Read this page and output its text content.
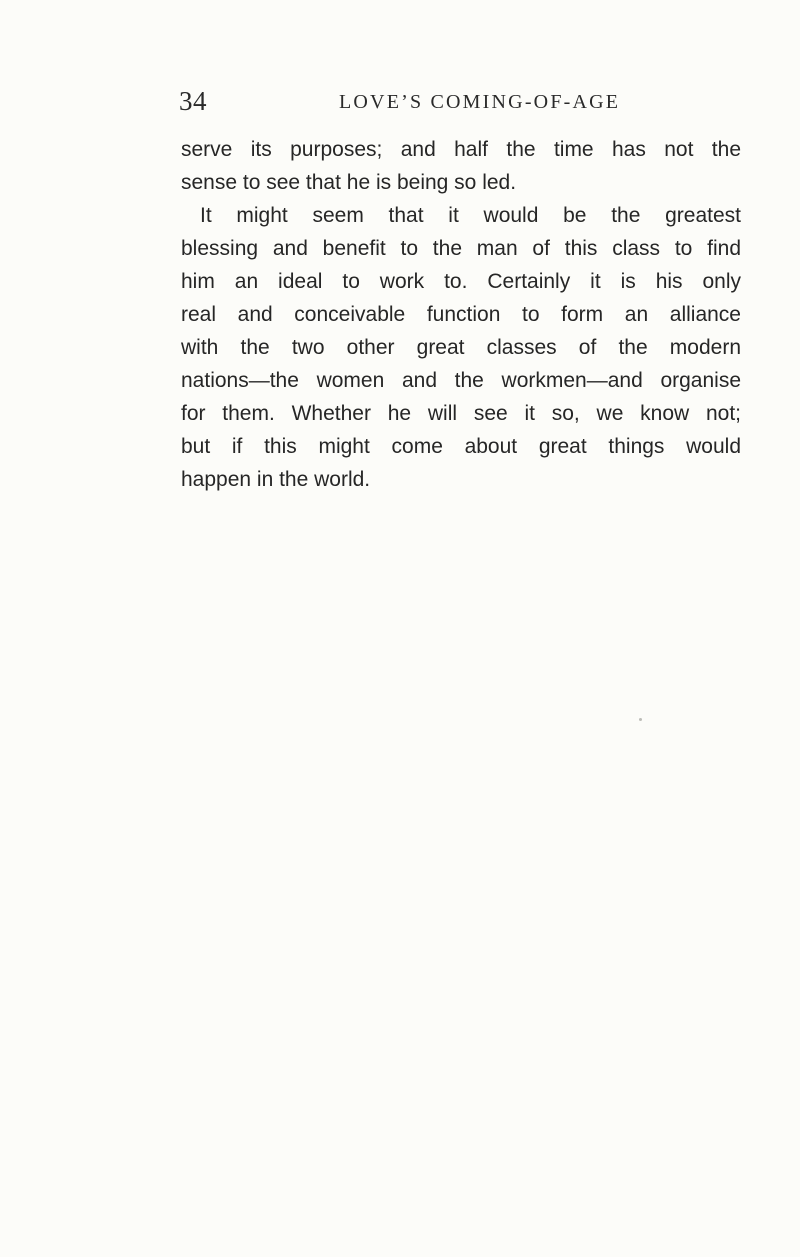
34	LOVE’S COMING-OF-AGE
serve its purposes; and half the time has not the
sense to see that he is being so led.
It might seem that it would be the greatest
blessing and benefit to the man of this class to find
him an ideal to work to. Certainly it is his only
real and conceivable function to form an alliance
with the two other great classes of the modern
nations—the women and the workmen—and organise
for them. Whether he will see it so, we know not;
but if this might come about great things would
happen in the world.
